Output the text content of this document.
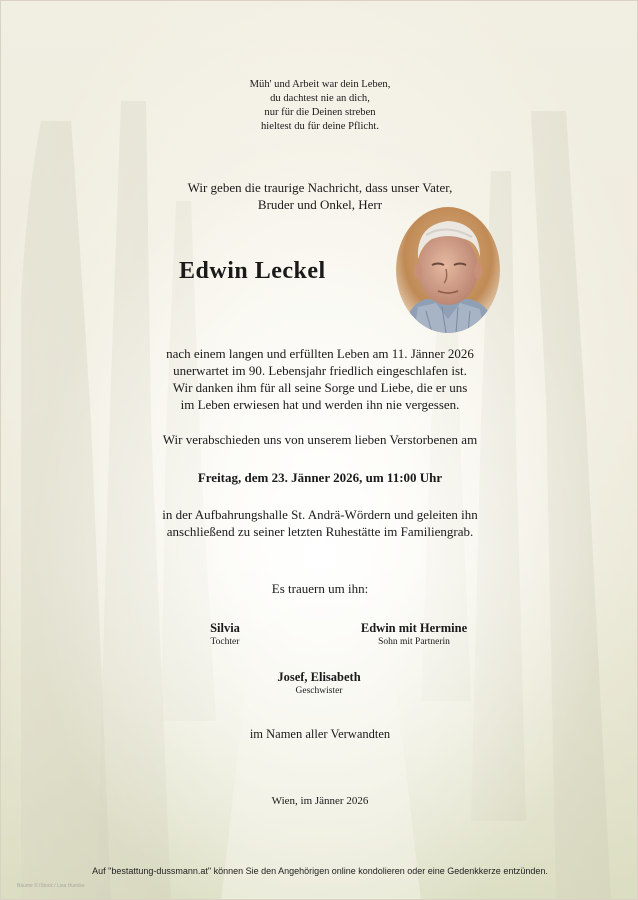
Müh' und Arbeit war dein Leben,
du dachtest nie an dich,
nur für die Deinen streben
hieltest du für deine Pflicht.
Wir geben die traurige Nachricht, dass unser Vater,
Bruder und Onkel, Herr
Edwin Leckel
nach einem langen und erfüllten Leben am 11. Jänner 2026
unerwartet im 90. Lebensjahr friedlich eingeschlafen ist.
Wir danken ihm für all seine Sorge und Liebe, die er uns
im Leben erwiesen hat und werden ihn nie vergessen.
Wir verabschieden uns von unserem lieben Verstorbenen am
Freitag, dem 23. Jänner 2026, um 11:00 Uhr
in der Aufbahrungshalle St. Andrä-Wördern und geleiten ihn
anschließend zu seiner letzten Ruhestätte im Familiengrab.
Es trauern um ihn:
Silvia
Tochter
Edwin mit Hermine
Sohn mit Partnerin
Josef, Elisabeth
Geschwister
im Namen aller Verwandten
Wien, im Jänner 2026
Auf "bestattung-dussmann.at" können Sie den Angehörigen online kondolieren oder eine Gedenkkerze entzünden.
Bäume © iStock / Lisa Hueske
